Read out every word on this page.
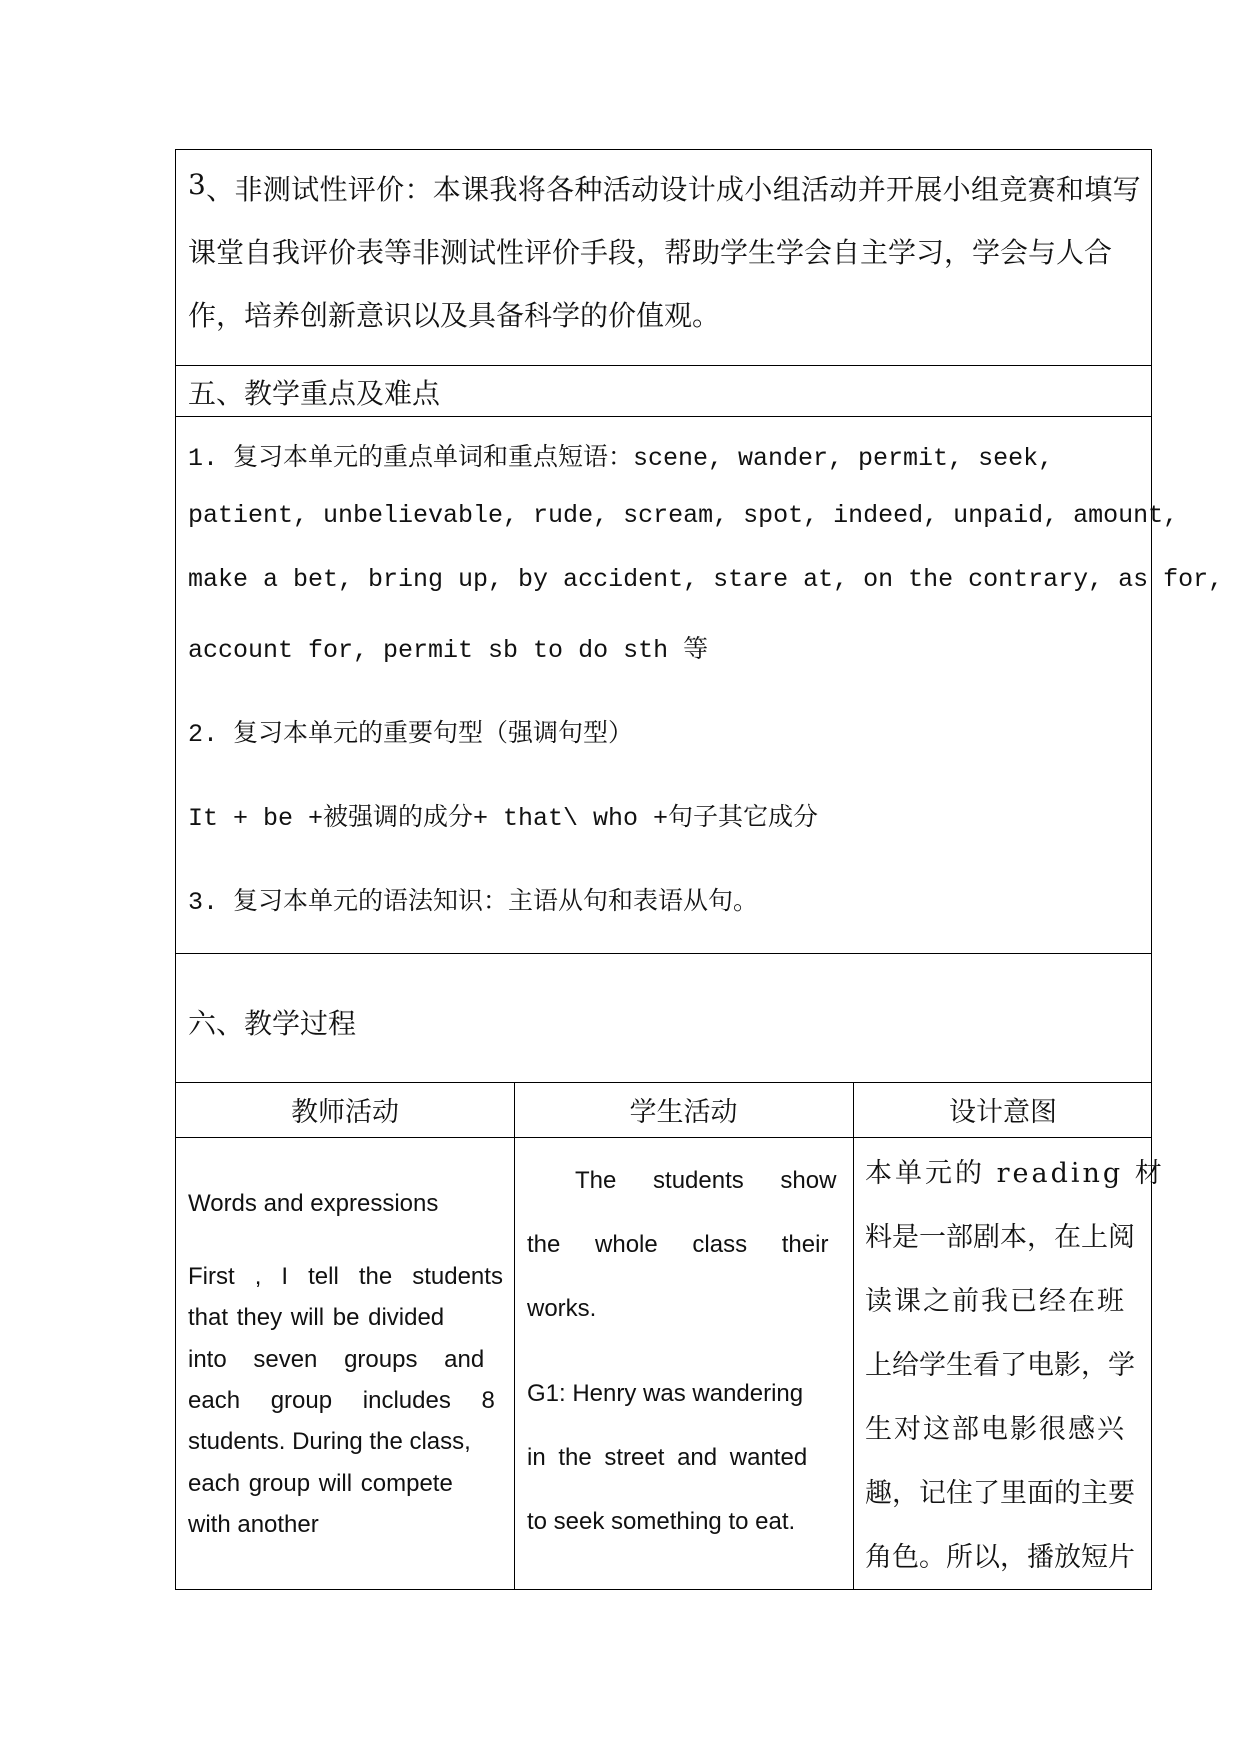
3 、 非 测 试 性 评 价 ： 本 课 我 将 各 种 活 动 设 计 成 小 组 活 动 并 开 展 小 组 竞 赛 和 填 写
课堂自我评价表等非测试性评价手段，帮助学生学会自主学习，学会与人合
作，培养创新意识以及具备科学的价值观。
五、教学重点及难点
1. 复习本单元的重点单词和重点短语：scene, wander, permit, seek,
patient, unbelievable, rude, scream, spot, indeed, unpaid, amount,
make a bet, bring up, by accident, stare at, on the contrary, as for,
account for, permit sb to do sth 等
2. 复习本单元的重要句型（强调句型）
It + be +被强调的成分+ that\ who +句子其它成分
3. 复习本单元的语法知识：主语从句和表语从句。
六、教学过程
教师活动	学生活动	设计意图
Words and expressions
First , I tell the students
that they will be divided
into seven groups and
each group includes 8
students. During the class,
each group will compete
with another
The students show
the whole class their
works.
G1: Henry was wandering
in the street and wanted
to seek something to eat.
本单元的 reading 材
料是一部剧本，在上阅
读课之前我已经在班
上给学生看了电影，学
生对这部电影很感兴
趣，记住了里面的主要
角色。所以，播放短片
